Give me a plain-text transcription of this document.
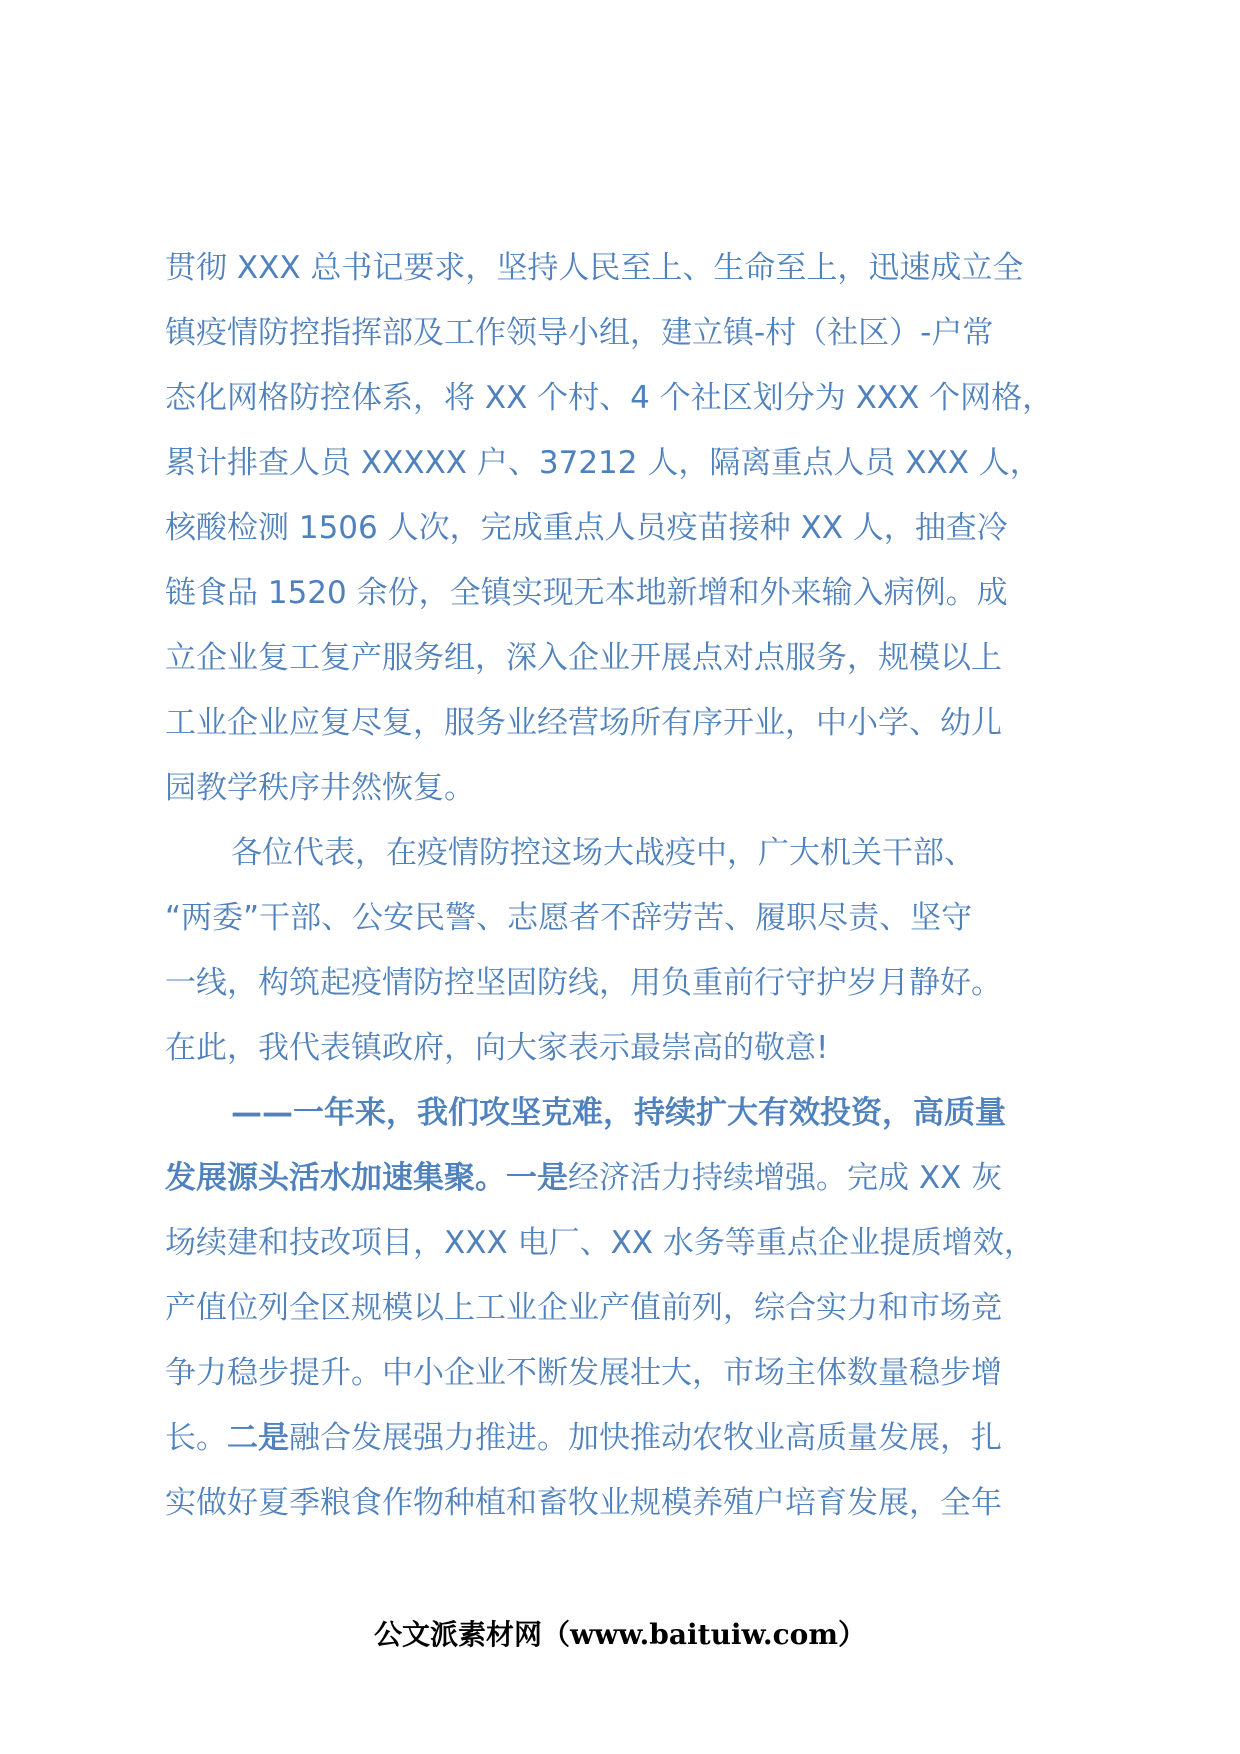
贯彻 XXX 总书记要求，坚持人民至上、生命至上，迅速成立全
镇疫情防控指挥部及工作领导小组，建立镇-村（社区）-户常
态化网格防控体系，将 XX 个村、4 个社区划分为 XXX 个网格，
累计排查人员 XXXXX 户、37212 人，隔离重点人员 XXX 人，
核酸检测 1506 人次，完成重点人员疫苗接种 XX 人，抽查冷
链食品 1520 余份，全镇实现无本地新增和外来输入病例。成
立企业复工复产服务组，深入企业开展点对点服务，规模以上
工业企业应复尽复，服务业经营场所有序开业，中小学、幼儿
园教学秩序井然恢复。
各位代表，在疫情防控这场大战疫中，广大机关干部、
“两委”干部、公安民警、志愿者不辞劳苦、履职尽责、坚守
一线，构筑起疫情防控坚固防线，用负重前行守护岁月静好。
在此，我代表镇政府，向大家表示最崇高的敬意!
——一年来，我们攻坚克难，持续扩大有效投资，高质量
发展源头活水加速集聚。一是经济活力持续增强。完成 XX 灰
场续建和技改项目，XXX 电厂、XX 水务等重点企业提质增效，
产值位列全区规模以上工业企业产值前列，综合实力和市场竞
争力稳步提升。中小企业不断发展壮大，市场主体数量稳步增
长。二是融合发展强力推进。加快推动农牧业高质量发展，扎
实做好夏季粮食作物种植和畜牧业规模养殖户培育发展，全年
公文派素材网（www.baituiw.com）
